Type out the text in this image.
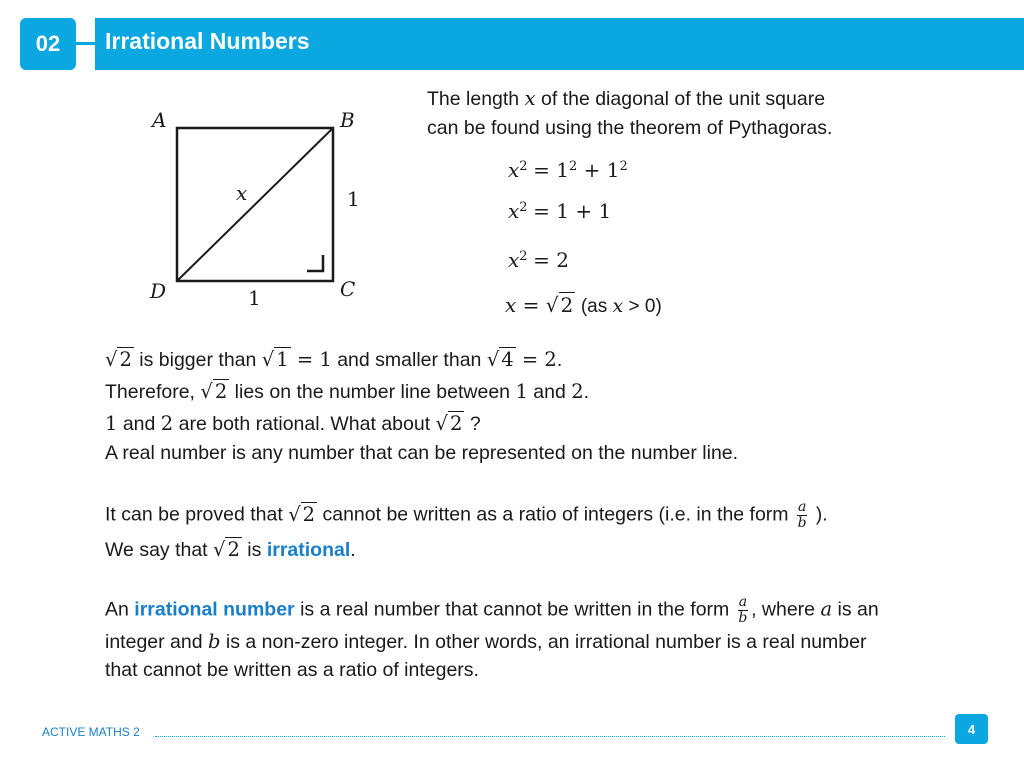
02	Irrational Numbers
A	B
C
D
x	1
1
The length x of the diagonal of the unit square
can be found using the theorem of Pythagoras.
$x^2 = 1^2 + 1^2$
$x^2 = 1 + 1$
$x^2 = 2$
x = √ 2 (as x > 0)
√ 2 is bigger than √ 1 = 1 and smaller than √ 4 = 2.
Therefore, √ 2 lies on the number line between 1 and 2.
1 and 2 are both rational. What about √ 2 ?
A real number is any number that can be represented on the number line.
It can be proved that √ 2 cannot be written as a ratio of integers (i.e. in the form $\frac{a}{b}$ ).
We say that √ 2 is irrational.
An irrational number is a real number that cannot be written in the form $\frac{a}{b}$ , where a is an
integer and b is a non-zero integer. In other words, an irrational number is a real number
that cannot be written as a ratio of integers.
ACTIVE MATHS 2	4
